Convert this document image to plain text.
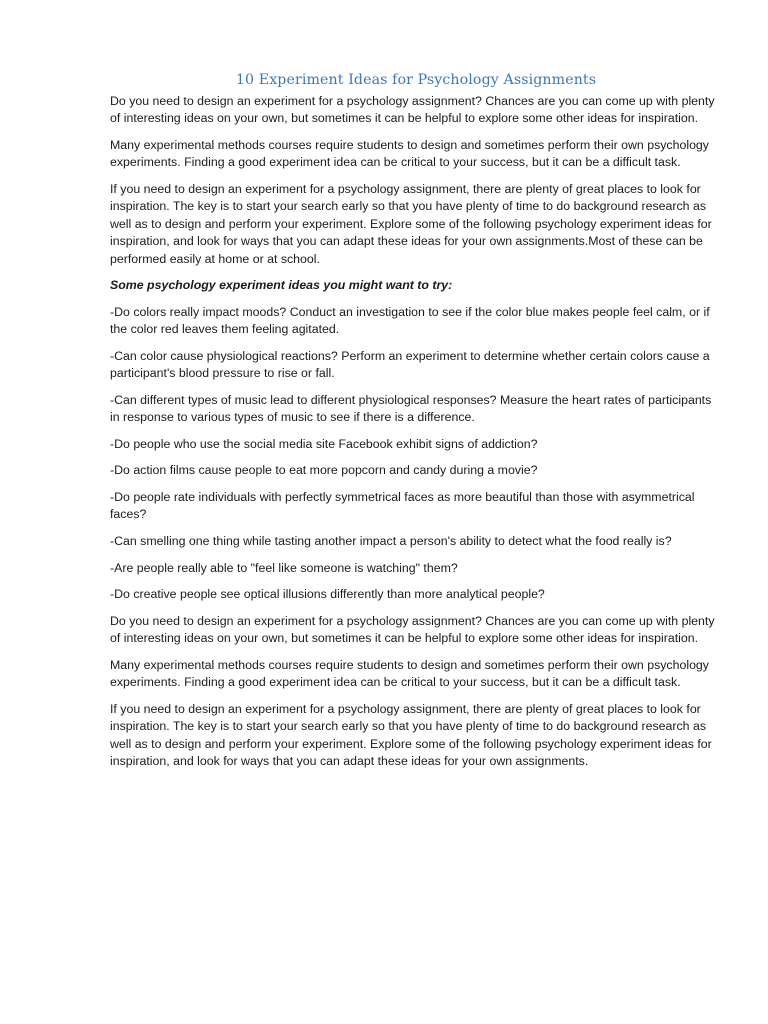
10 Experiment Ideas for Psychology Assignments

Do you need to design an experiment for a psychology assignment? Chances are you can come up with plenty of interesting ideas on your own, but sometimes it can be helpful to explore some other ideas for inspiration.

Many experimental methods courses require students to design and sometimes perform their own psychology experiments. Finding a good experiment idea can be critical to your success, but it can be a difficult task.

If you need to design an experiment for a psychology assignment, there are plenty of great places to look for inspiration. The key is to start your search early so that you have plenty of time to do background research as well as to design and perform your experiment. Explore some of the following psychology experiment ideas for inspiration, and look for ways that you can adapt these ideas for your own assignments.Most of these can be performed easily at home or at school.

Some psychology experiment ideas you might want to try:

-Do colors really impact moods? Conduct an investigation to see if the color blue makes people feel calm, or if the color red leaves them feeling agitated.

-Can color cause physiological reactions? Perform an experiment to determine whether certain colors cause a participant's blood pressure to rise or fall.

-Can different types of music lead to different physiological responses? Measure the heart rates of participants in response to various types of music to see if there is a difference.

-Do people who use the social media site Facebook exhibit signs of addiction?

-Do action films cause people to eat more popcorn and candy during a movie?

-Do people rate individuals with perfectly symmetrical faces as more beautiful than those with asymmetrical faces?

-Can smelling one thing while tasting another impact a person's ability to detect what the food really is?

-Are people really able to "feel like someone is watching" them?

-Do creative people see optical illusions differently than more analytical people?

Do you need to design an experiment for a psychology assignment? Chances are you can come up with plenty of interesting ideas on your own, but sometimes it can be helpful to explore some other ideas for inspiration.

Many experimental methods courses require students to design and sometimes perform their own psychology experiments. Finding a good experiment idea can be critical to your success, but it can be a difficult task.

If you need to design an experiment for a psychology assignment, there are plenty of great places to look for inspiration. The key is to start your search early so that you have plenty of time to do background research as well as to design and perform your experiment. Explore some of the following psychology experiment ideas for inspiration, and look for ways that you can adapt these ideas for your own assignments.
